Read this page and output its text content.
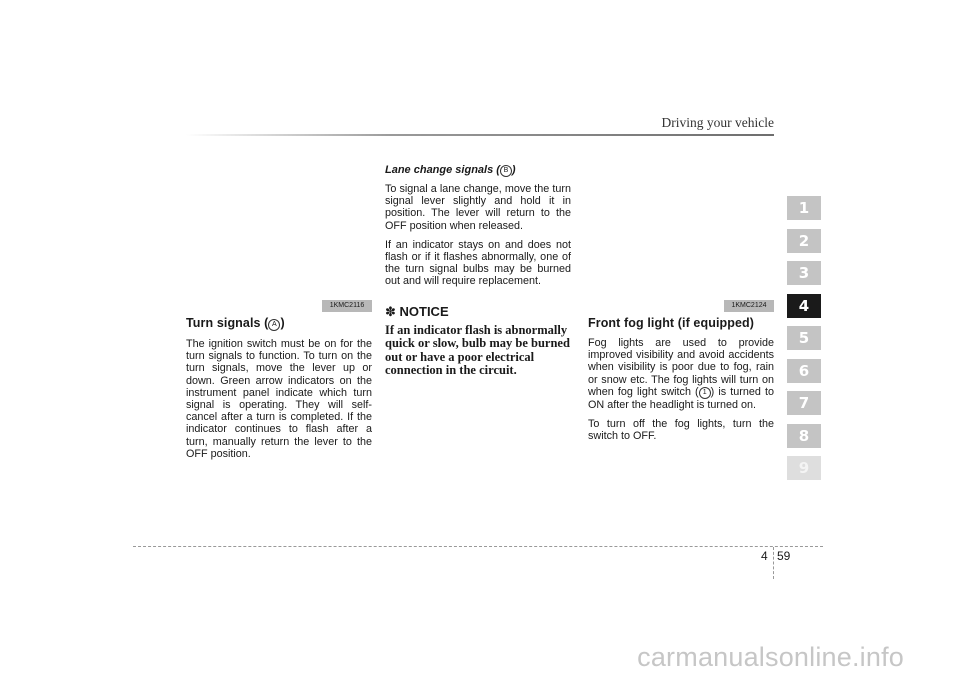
Driving your vehicle
1
2
3
4
5
6
7
8
9
1KMC2116
Turn signals ( A )

The ignition switch must be on for the turn signals to function. To turn on the turn signals, move the lever up or down. Green arrow indicators on the instrument panel indicate which turn signal is operating. They will self-cancel after a turn is completed. If the indicator continues to flash after a turn, manually return the lever to the OFF position.

Lane change signals ( B )

To signal a lane change, move the turn signal lever slightly and hold it in position. The lever will return to the OFF position when released.

If an indicator stays on and does not flash or if it flashes abnormally, one of the turn signal bulbs may be burned out and will require replacement.

✽ NOTICE

If an indicator flash is abnormally quick or slow, bulb may be burned out or have a poor electrical connection in the circuit.

1KMC2124
Front fog light (if equipped)

Fog lights are used to provide improved visibility and avoid accidents when visibility is poor due to fog, rain or snow etc. The fog lights will turn on when fog light switch ( 1 ) is turned to ON after the headlight is turned on.

To turn off the fog lights, turn the switch to OFF.

4 59
carmanualsonline.info
